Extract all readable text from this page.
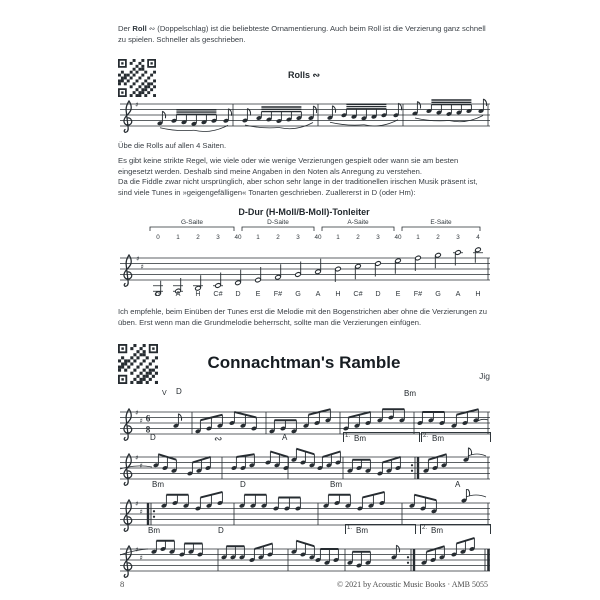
Der Roll ∾ (Doppelschlag) ist die beliebteste Ornamentierung. Auch beim Roll ist die Verzierung ganz schnell zu spielen. Schneller als geschrieben.
Rolls ∾
♯
Übe die Rolls auf allen 4 Saiten.
Es gibt keine strikte Regel, wie viele oder wie wenige Verzierungen gespielt oder wann sie am besten eingesetzt werden. Deshalb sind meine Angaben in den Noten als Anregung zu verstehen.
Da die Fiddle zwar nicht ursprünglich, aber schon sehr lange in der traditionellen irischen Musik präsent ist, sind viele Tunes in »geigengefälligen« Tonarten geschrieben. Zuallererst in D (oder Hm):
D-Dur (H-Moll/B-Moll)-Tonleiter
G-Saite	D-Saite	A-Saite	E-Saite
0	1	2	3	40	1	2	3	40	1	2	3	40	1	2	3	4
♯
♯
G	A	H	C#	D	E	F#	G	A	H	C#	D	E	F#	G	A	H
Ich empfehle, beim Einüben der Tunes erst die Melodie mit den Bogenstrichen aber ohne die Verzierungen zu üben. Erst wenn man die Grundmelodie beherrscht, sollte man die Verzierungen einfügen.
Connachtman's Ramble
Jig
V D	Bm
♯
♯ 6
8
D	∾	A	1. Bm	2. Bm
♯
♯
Bm	D	Bm	A
♯
♯
Bm	D	1. Bm	2. Bm
♯
♯
8	© 2021 by Acoustic Music Books · AMB 5055
